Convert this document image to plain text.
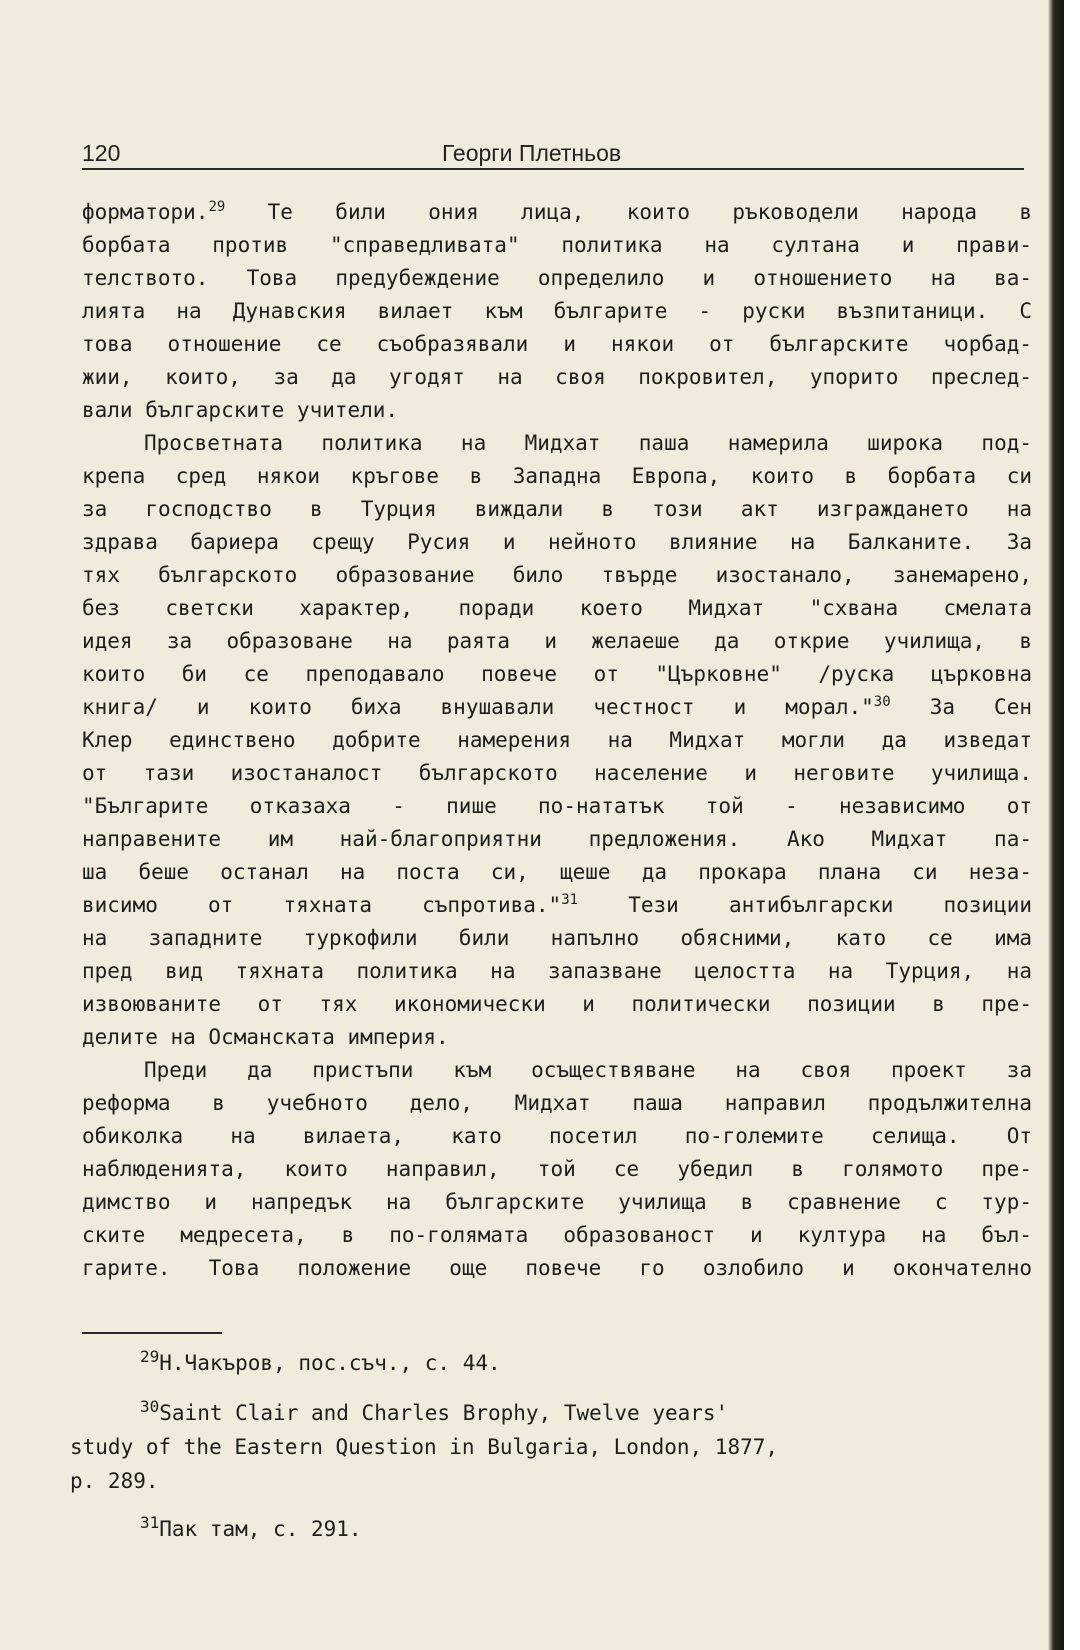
120	Георги Плетньов
форматори.$^{29}$ Те били ония лица, които ръководели народа в
борбата против "справедливата" политика на султана и прави-
телството. Това предубеждение определило и отношението на ва-
лията на Дунавския вилает към българите - руски възпитаници. С
това отношение се съобразявали и някои от българските чорбад-
жии, които, за да угодят на своя покровител, упорито преслед-
вали българските учители.
Просветната политика на Мидхат паша намерила широка под-
крепа сред някои кръгове в Западна Европа, които в борбата си
за господство в Турция виждали в този акт изграждането на
здрава бариера срещу Русия и нейното влияние на Балканите. За
тях българското образование било твърде изостанало, занемарено,
без светски характер, поради което Мидхат "схвана смелата
идея за образоване на раята и желаеше да открие училища, в
които би се преподавало повече от "Църковне" /руска църковна
книга/ и които биха внушавали честност и морал."$^{30}$ За Сен
Клер единствено добрите намерения на Мидхат могли да изведат
от тази изостаналост българското население и неговите училища.
"Българите отказаха - пише по-нататък той - независимо от
направените им най-благоприятни предложения. Ако Мидхат па-
ша беше останал на поста си, щеше да прокара плана си неза-
висимо от тяхната съпротива."$^{31}$ Тези антибългарски позиции
на западните туркофили били напълно обясними, като се има
пред вид тяхната политика на запазване целостта на Турция, на
извоюваните от тях икономически и политически позиции в пре-
делите на Османската империя.
Преди да пристъпи към осъществяване на своя проект за
реформа в учебното дело, Мидхат паша направил продължителна
обиколка на вилаета, като посетил по-големите селища. От
наблюденията, които направил, той се убедил в голямото пре-
димство и напредък на българските училища в сравнение с тур-
ските медресета, в по-голямата образованост и култура на бъл-
гарите. Това положение още повече го озлобило и окончателно
$^{29}$Н.Чакъров, пос.съч., с. 44.
$^{30}$Saint Clair and Charles Brophy, Twelve years'
study of the Eastern Question in Bulgaria, London, 1877,
р. 289.
$^{31}$Пак там, с. 291.
